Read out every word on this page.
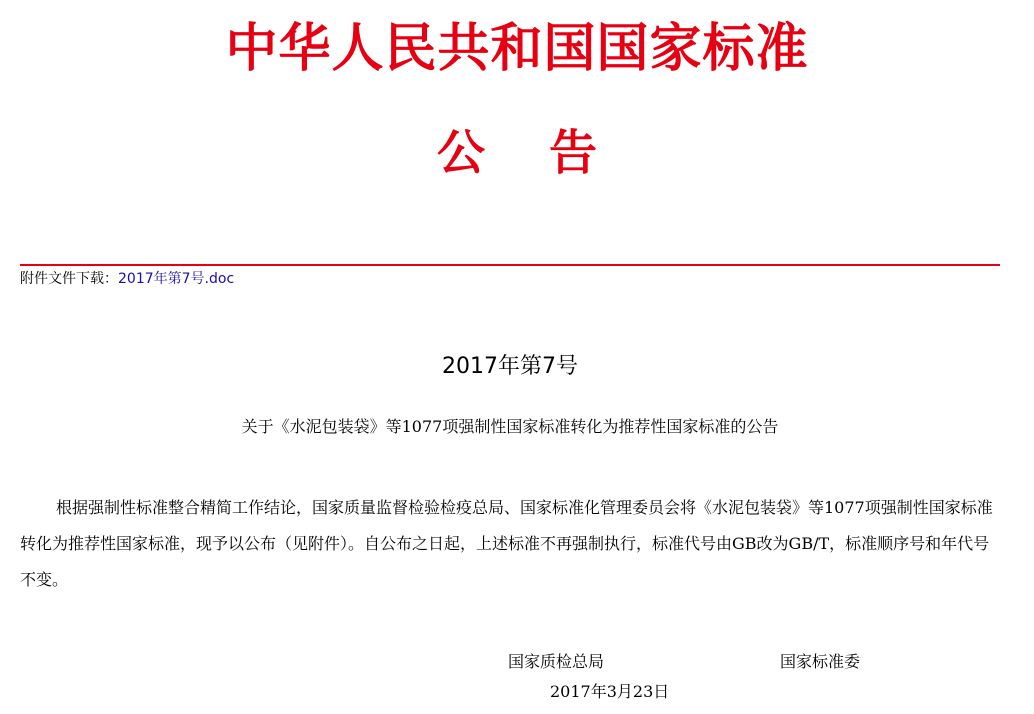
中华人民共和国国家标准
公告
附件文件下载：2017年第7号.doc
2017年第7号
关于《水泥包装袋》等1077项强制性国家标准转化为推荐性国家标准的公告

根据强制性标准整合精简工作结论，国家质量监督检验检疫总局、国家标准化管理委员会将《水泥包装袋》等1077项强制性国家标准转化为推荐性国家标准，现予以公布（见附件）。自公布之日起，上述标准不再强制执行，标准代号由GB改为GB/T，标准顺序号和年代号不变。

国家质检总局	国家标准委
2017年3月23日
